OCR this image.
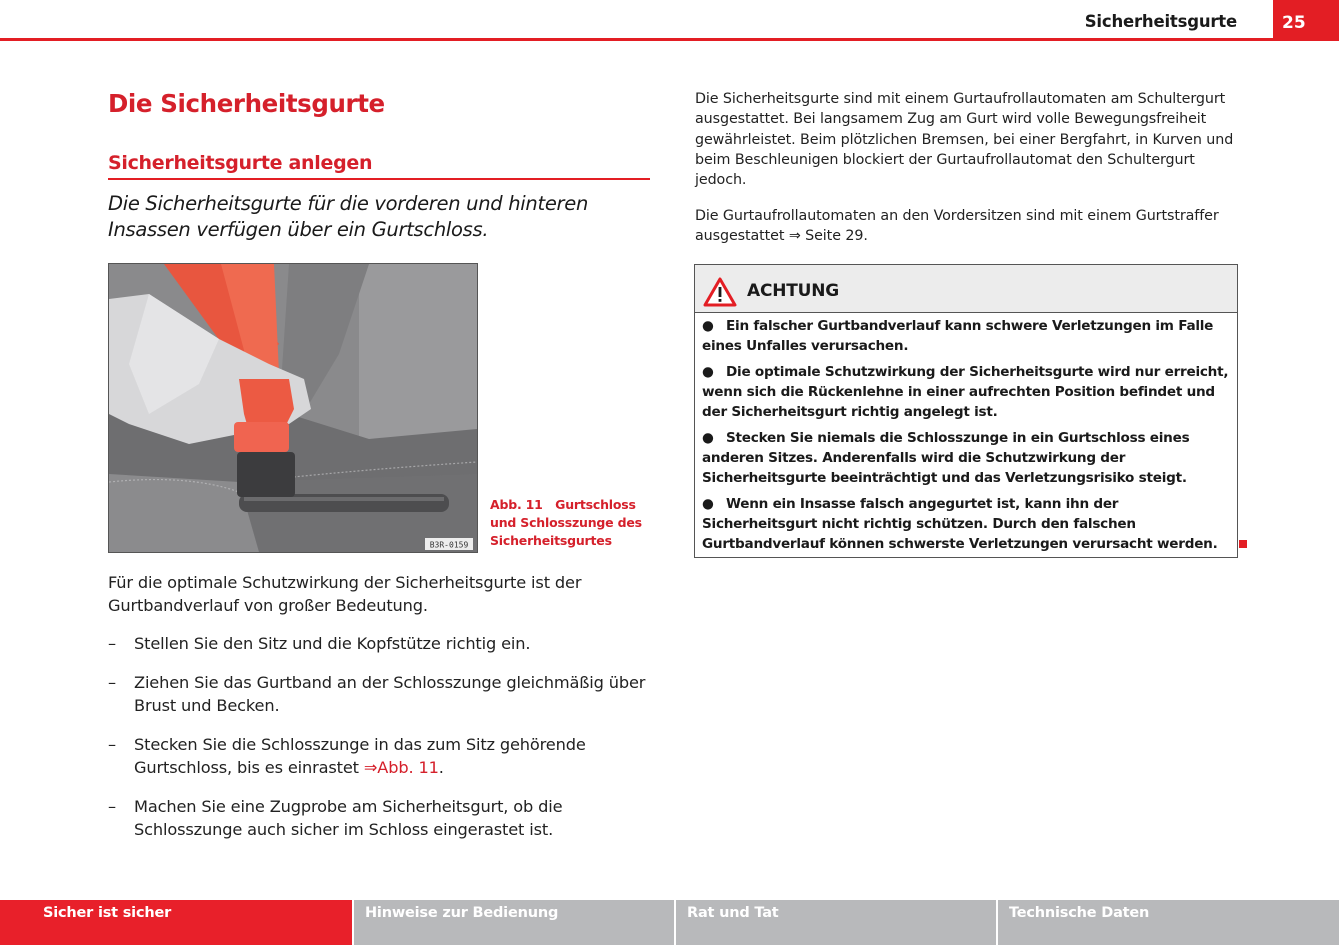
Sicherheitsgurte	25
Die Sicherheitsgurte
Sicherheitsgurte anlegen
Die Sicherheitsgurte für die vorderen und hinteren Insassen verfügen über ein Gurtschloss.
B3R-0159
Abb. 11 Gurtschloss und Schlosszunge des Sicherheitsgurtes
Für die optimale Schutzwirkung der Sicherheitsgurte ist der Gurtbandverlauf von großer Bedeutung.
– Stellen Sie den Sitz und die Kopfstütze richtig ein.
– Ziehen Sie das Gurtband an der Schlosszunge gleichmäßig über Brust und Becken.
– Stecken Sie die Schlosszunge in das zum Sitz gehörende Gurtschloss, bis es einrastet ⇒Abb. 11.
– Machen Sie eine Zugprobe am Sicherheitsgurt, ob die Schlosszunge auch sicher im Schloss eingerastet ist.
Die Sicherheitsgurte sind mit einem Gurtaufrollautomaten am Schultergurt ausgestattet. Bei langsamem Zug am Gurt wird volle Bewegungsfreiheit gewährleistet. Beim plötzlichen Bremsen, bei einer Bergfahrt, in Kurven und beim Beschleunigen blockiert der Gurtaufrollautomat den Schultergurt jedoch.
Die Gurtaufrollautomaten an den Vordersitzen sind mit einem Gurtstraffer ausgestattet ⇒ Seite 29.
ACHTUNG
● Ein falscher Gurtbandverlauf kann schwere Verletzungen im Falle eines Unfalles verursachen.
● Die optimale Schutzwirkung der Sicherheitsgurte wird nur erreicht, wenn sich die Rückenlehne in einer aufrechten Position befindet und der Sicherheitsgurt richtig angelegt ist.
● Stecken Sie niemals die Schlosszunge in ein Gurtschloss eines anderen Sitzes. Anderenfalls wird die Schutzwirkung der Sicherheitsgurte beeinträchtigt und das Verletzungsrisiko steigt.
● Wenn ein Insasse falsch angegurtet ist, kann ihn der Sicherheitsgurt nicht richtig schützen. Durch den falschen Gurtbandverlauf können schwerste Verletzungen verursacht werden.
Sicher ist sicher	Hinweise zur Bedienung	Rat und Tat	Technische Daten
